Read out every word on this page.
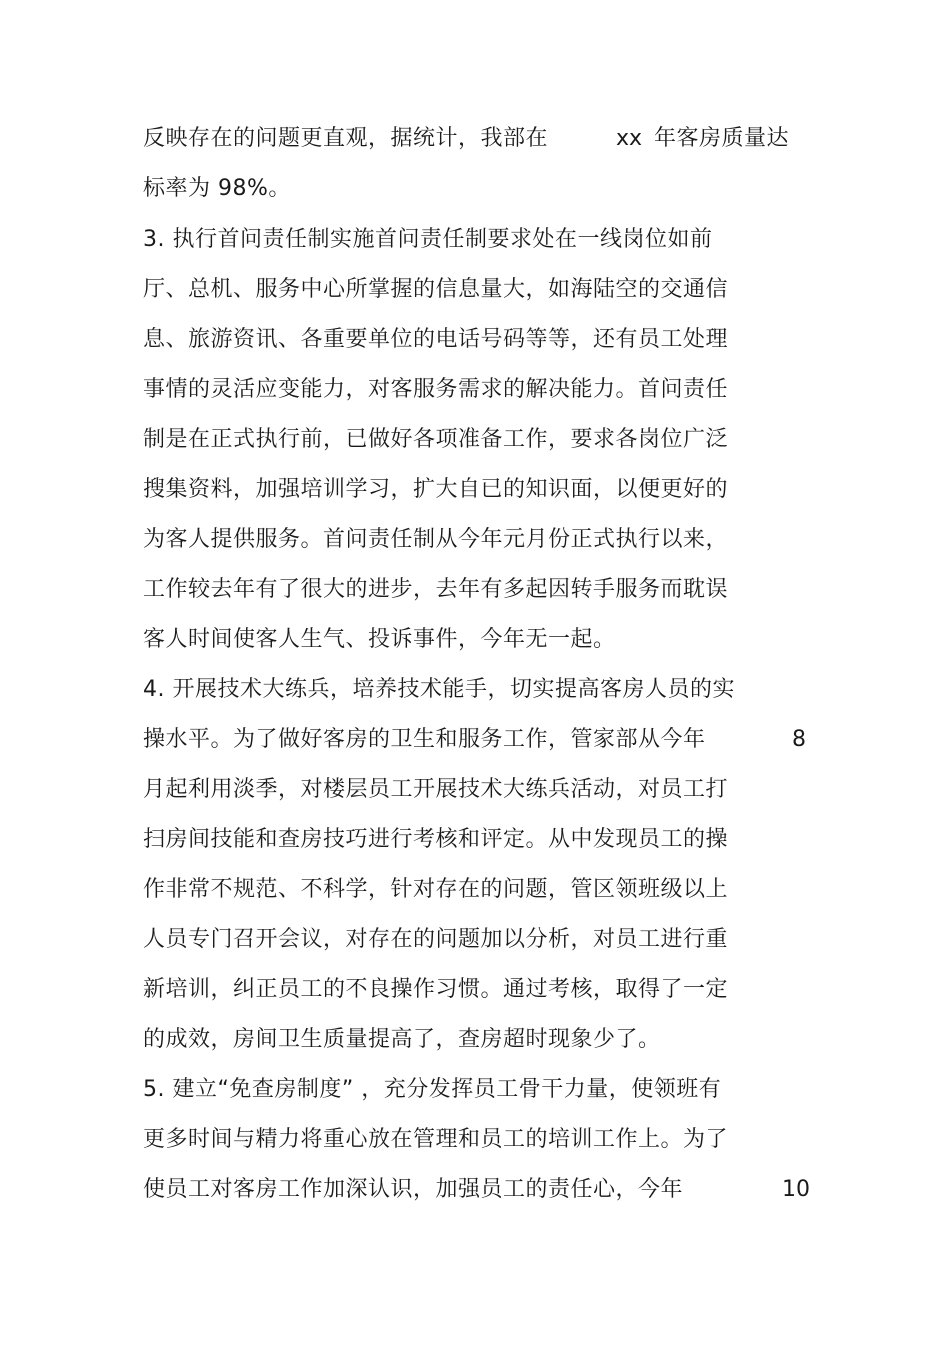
反映存在的问题更直观，据统计，我部在	xx 年客房质量达
标率为 98%。
3. 执行首问责任制实施首问责任制要求处在一线岗位如前
厅、总机、服务中心所掌握的信息量大，如海陆空的交通信
息、旅游资讯、各重要单位的电话号码等等，还有员工处理
事情的灵活应变能力，对客服务需求的解决能力。首问责任
制是在正式执行前，已做好各项准备工作，要求各岗位广泛
搜集资料，加强培训学习，扩大自已的知识面，以便更好的
为客人提供服务。首问责任制从今年元月份正式执行以来，
工作较去年有了很大的进步，去年有多起因转手服务而耽误
客人时间使客人生气、投诉事件，今年无一起。
4. 开展技术大练兵，培养技术能手，切实提高客房人员的实
操水平。为了做好客房的卫生和服务工作，管家部从今年	8
月起利用淡季，对楼层员工开展技术大练兵活动，对员工打
扫房间技能和查房技巧进行考核和评定。从中发现员工的操
作非常不规范、不科学，针对存在的问题，管区领班级以上
人员专门召开会议，对存在的问题加以分析，对员工进行重
新培训，纠正员工的不良操作习惯。通过考核，取得了一定
的成效，房间卫生质量提高了，查房超时现象少了。
5. 建立“免查房制度” ，充分发挥员工骨干力量，使领班有
更多时间与精力将重心放在管理和员工的培训工作上。为了
使员工对客房工作加深认识，加强员工的责任心，今年	10
